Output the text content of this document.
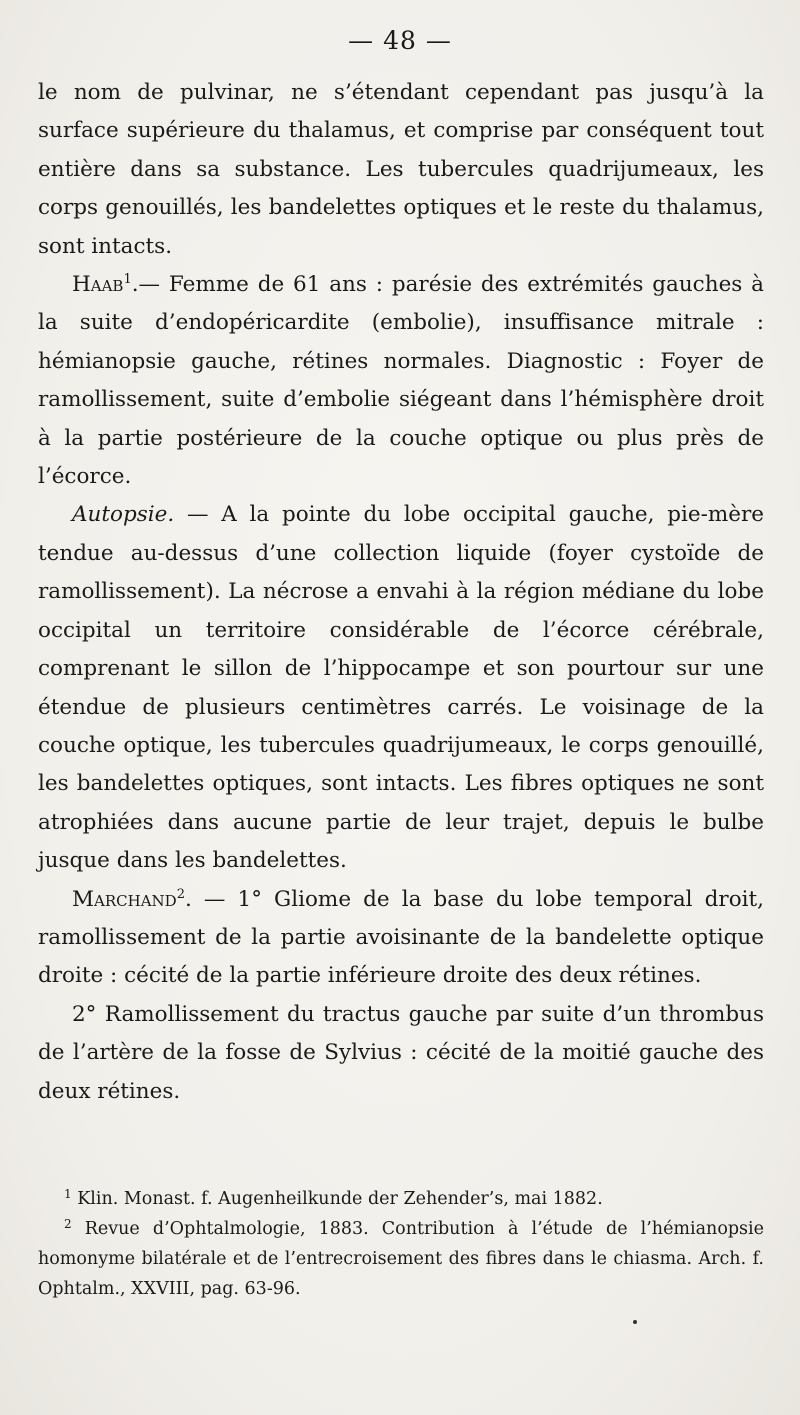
— 48 —

le nom de pulvinar, ne s’étendant cependant pas jusqu’à la surface supérieure du thalamus, et comprise par conséquent tout entière dans sa substance. Les tubercules quadrijumeaux, les corps genouillés, les bandelettes optiques et le reste du thalamus, sont intacts.

Haab$^1$.— Femme de 61 ans : parésie des extrémités gauches à la suite d’endopéricardite (embolie), insuffisance mitrale : hémianopsie gauche, rétines normales. Diagnostic : Foyer de ramollissement, suite d’embolie siégeant dans l’hémisphère droit à la partie postérieure de la couche optique ou plus près de l’écorce.

Autopsie. — A la pointe du lobe occipital gauche, pie-mère tendue au-dessus d’une collection liquide (foyer cystoïde de ramollissement). La nécrose a envahi à la région médiane du lobe occipital un territoire considérable de l’écorce cérébrale, comprenant le sillon de l’hippocampe et son pourtour sur une étendue de plusieurs centimètres carrés. Le voisinage de la couche optique, les tubercules quadrijumeaux, le corps genouillé, les bandelettes optiques, sont intacts. Les fibres optiques ne sont atrophiées dans aucune partie de leur trajet, depuis le bulbe jusque dans les bandelettes.

Marchand$^2$. — 1° Gliome de la base du lobe temporal droit, ramollissement de la partie avoisinante de la bandelette optique droite : cécité de la partie inférieure droite des deux rétines.

2° Ramollissement du tractus gauche par suite d’un thrombus de l’artère de la fosse de Sylvius : cécité de la moitié gauche des deux rétines.

$^1$ Klin. Monast. f. Augenheilkunde der Zehender’s, mai 1882.

$^2$ Revue d’Ophtalmologie, 1883. Contribution à l’étude de l’hémianopsie homonyme bilatérale et de l’entrecroisement des fibres dans le chiasma. Arch. f. Ophtalm., XXVIII, pag. 63-96.
